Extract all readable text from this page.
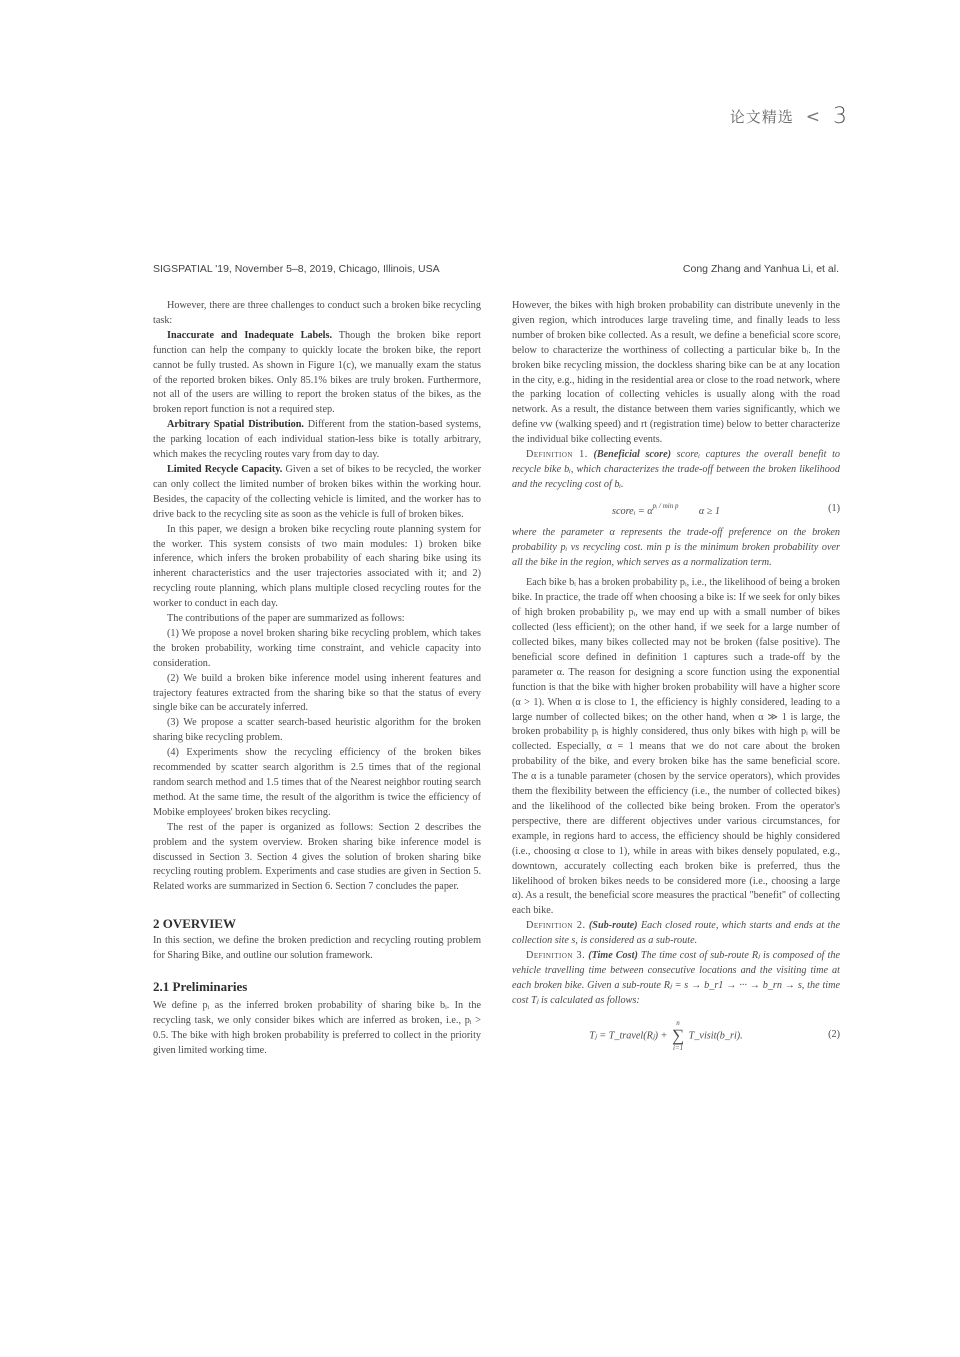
论文精选 < 3
SIGSPATIAL '19, November 5–8, 2019, Chicago, Illinois, USA	Cong Zhang and Yanhua Li, et al.

However, there are three challenges to conduct such a broken bike recycling task:

Inaccurate and Inadequate Labels. Though the broken bike report function can help the company to quickly locate the broken bike, the report cannot be fully trusted. As shown in Figure 1(c), we manually exam the status of the reported broken bikes. Only 85.1% bikes are truly broken. Furthermore, not all of the users are willing to report the broken status of the bikes, as the broken report function is not a required step.

Arbitrary Spatial Distribution. Different from the station-based systems, the parking location of each individual station-less bike is totally arbitrary, which makes the recycling routes vary from day to day.

Limited Recycle Capacity. Given a set of bikes to be recycled, the worker can only collect the limited number of broken bikes within the working hour. Besides, the capacity of the collecting vehicle is limited, and the worker has to drive back to the recycling site as soon as the vehicle is full of broken bikes.

In this paper, we design a broken bike recycling route planning system for the worker. This system consists of two main modules: 1) broken bike inference, which infers the broken probability of each sharing bike using its inherent characteristics and the user trajectories associated with it; and 2) recycling route planning, which plans multiple closed recycling routes for the worker to conduct in each day.

The contributions of the paper are summarized as follows:

(1) We propose a novel broken sharing bike recycling problem, which takes the broken probability, working time constraint, and vehicle capacity into consideration.

(2) We build a broken bike inference model using inherent features and trajectory features extracted from the sharing bike so that the status of every single bike can be accurately inferred.

(3) We propose a scatter search-based heuristic algorithm for the broken sharing bike recycling problem.

(4) Experiments show the recycling efficiency of the broken bikes recommended by scatter search algorithm is 2.5 times that of the regional random search method and 1.5 times that of the Nearest neighbor routing search method. At the same time, the result of the algorithm is twice the efficiency of Mobike employees' broken bikes recycling.

The rest of the paper is organized as follows: Section 2 describes the problem and the system overview. Broken sharing bike inference model is discussed in Section 3. Section 4 gives the solution of broken sharing bike recycling routing problem. Experiments and case studies are given in Section 5. Related works are summarized in Section 6. Section 7 concludes the paper.

2 OVERVIEW

In this section, we define the broken prediction and recycling routing problem for Sharing Bike, and outline our solution framework.

2.1 Preliminaries

We define pᵢ as the inferred broken probability of sharing bike bᵢ. In the recycling task, we only consider bikes which are inferred as broken, i.e., pᵢ > 0.5. The bike with high broken probability is preferred to collect in the priority given limited working time.

However, the bikes with high broken probability can distribute unevenly in the given region, which introduces large traveling time, and finally leads to less number of broken bike collected. As a result, we define a beneficial score scoreᵢ below to characterize the worthiness of collecting a particular bike bᵢ. In the broken bike recycling mission, the dockless sharing bike can be at any location in the city, e.g., hiding in the residential area or close to the road network, where the parking location of collecting vehicles is usually along with the road network. As a result, the distance between them varies significantly, which we define vw (walking speed) and rt (registration time) below to better characterize the individual bike collecting events.

Definition 1. (Beneficial score) scoreᵢ captures the overall benefit to recycle bike bᵢ, which characterizes the trade-off between the broken likelihood and the recycling cost of bᵢ.

scoreᵢ = $\alpha^{pᵢ / min p}$ α ≥ 1	(1)

where the parameter α represents the trade-off preference on the broken probability pᵢ vs recycling cost. min p is the minimum broken probability over all the bike in the region, which serves as a normalization term.

Each bike bᵢ has a broken probability pᵢ, i.e., the likelihood of being a broken bike. In practice, the trade off when choosing a bike is: If we seek for only bikes of high broken probability pᵢ, we may end up with a small number of bikes collected (less efficient); on the other hand, if we seek for a large number of collected bikes, many bikes collected may not be broken (false positive). The beneficial score defined in definition 1 captures such a trade-off by the parameter α. The reason for designing a score function using the exponential function is that the bike with higher broken probability will have a higher score (α > 1). When α is close to 1, the efficiency is highly considered, leading to a large number of collected bikes; on the other hand, when α ≫ 1 is large, the broken probability pᵢ is highly considered, thus only bikes with high pᵢ will be collected. Especially, α = 1 means that we do not care about the broken probability of the bike, and every broken bike has the same beneficial score. The α is a tunable parameter (chosen by the service operators), which provides them the flexibility between the efficiency (i.e., the number of collected bikes) and the likelihood of the collected bike being broken. From the operator's perspective, there are different objectives under various circumstances, for example, in regions hard to access, the efficiency should be highly considered (i.e., choosing α close to 1), while in areas with bikes densely populated, e.g., downtown, accurately collecting each broken bike is preferred, thus the likelihood of broken bikes needs to be considered more (i.e., choosing a large α). As a result, the beneficial score measures the practical "benefit" of collecting each bike.

Definition 2. (Sub-route) Each closed route, which starts and ends at the collection site s, is considered as a sub-route.

Definition 3. (Time Cost) The time cost of sub-route Rⱼ is composed of the vehicle travelling time between consecutive locations and the visiting time at each broken bike. Given a sub-route Rⱼ = s → b_r1 → ··· → b_rn → s, the time cost Tⱼ is calculated as follows:

Tⱼ = T_travel(Rⱼ) +
n
∑
i=1
T_visit(b_ri).	(2)
